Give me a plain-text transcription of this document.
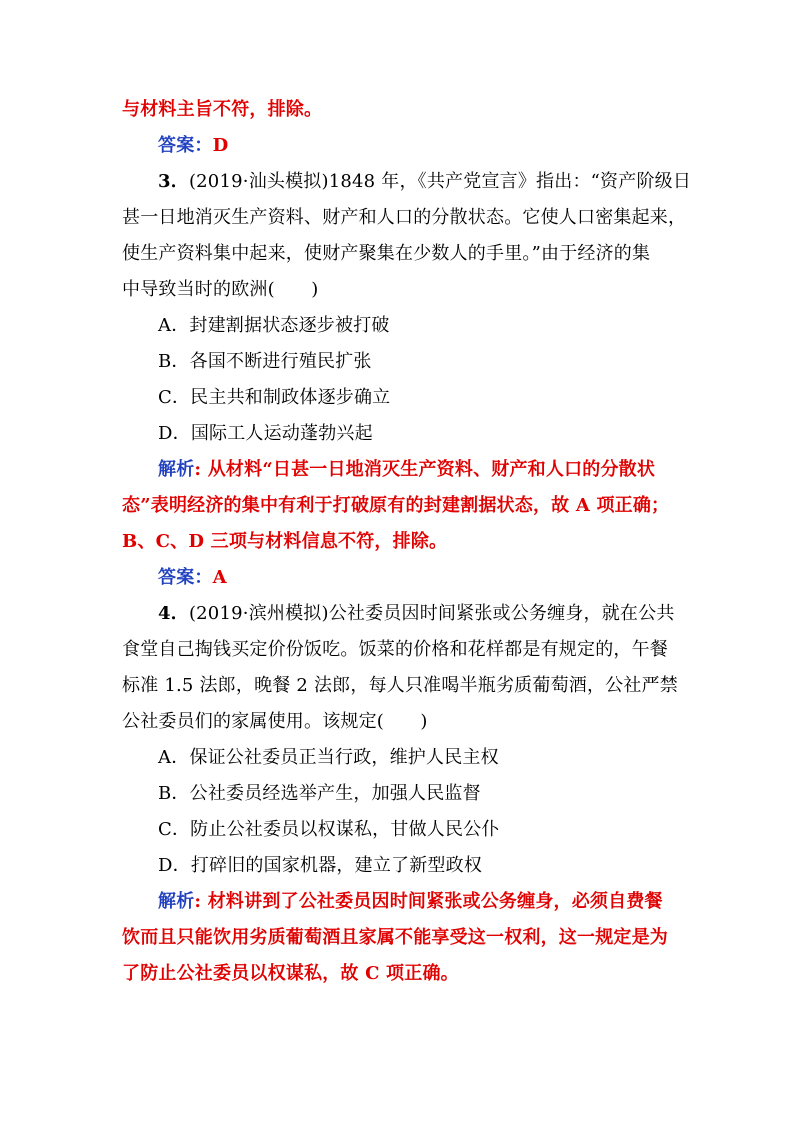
与材料主旨不符，排除。
答案：D
3．(2019·汕头模拟)1848 年，《共产党宣言》指出：“资产阶级日
甚一日地消灭生产资料、财产和人口的分散状态。它使人口密集起来，
使生产资料集中起来，使财产聚集在少数人的手里。”由于经济的集
中导致当时的欧洲(　　)
A．封建割据状态逐步被打破
B．各国不断进行殖民扩张
C．民主共和制政体逐步确立
D．国际工人运动蓬勃兴起
解析: 从材料“日甚一日地消灭生产资料、财产和人口的分散状
态”表明经济的集中有利于打破原有的封建割据状态，故 A 项正确；
B、C、D 三项与材料信息不符，排除。
答案：A
4．(2019·滨州模拟)公社委员因时间紧张或公务缠身，就在公共
食堂自己掏钱买定价份饭吃。饭菜的价格和花样都是有规定的，午餐
标准 1.5 法郎，晚餐 2 法郎，每人只准喝半瓶劣质葡萄酒，公社严禁
公社委员们的家属使用。该规定(　　)
A．保证公社委员正当行政，维护人民主权
B．公社委员经选举产生，加强人民监督
C．防止公社委员以权谋私，甘做人民公仆
D．打碎旧的国家机器，建立了新型政权
解析: 材料讲到了公社委员因时间紧张或公务缠身，必须自费餐
饮而且只能饮用劣质葡萄酒且家属不能享受这一权利，这一规定是为
了防止公社委员以权谋私，故 C 项正确。
